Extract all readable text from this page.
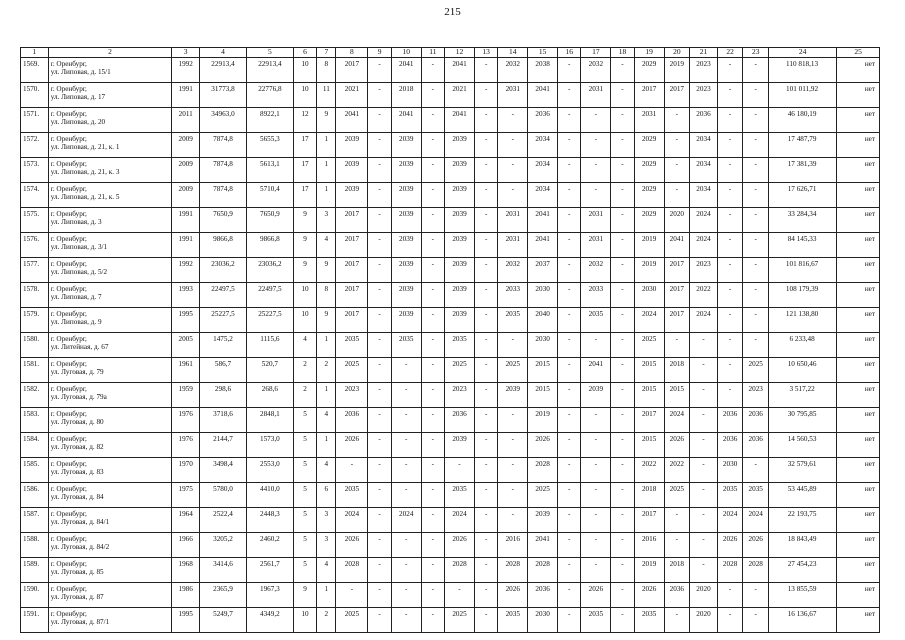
215
1	2	3	4	5	6	7	8	9	10	11	12	13	14	15	16	17	18	19	20	21	22	23	24	25
1569.	г. Оренбург,
ул. Липовая, д. 15/1	1992	22913,4	22913,4	10	8	2017	-	2041	-	2041	-	2032	2038	-	2032	-	2029	2019	2023	-	-	110 818,13	нет
1570.	г. Оренбург,
ул. Липовая, д. 17	1991	31773,8	22776,8	10	11	2021	-	2018	-	2021	-	2031	2041	-	2031	-	2017	2017	2023	-	-	101 011,92	нет
1571.	г. Оренбург,
ул. Липовая, д. 20	2011	34963,0	8922,1	12	9	2041	-	2041	-	2041	-	-	2036	-	-	-	2031	-	2036	-	-	46 180,19	нет
1572.	г. Оренбург,
ул. Липовая, д. 21, к. 1	2009	7874,8	5655,3	17	1	2039	-	2039	-	2039	-	-	2034	-	-	-	2029	-	2034	-	-	17 487,79	нет
1573.	г. Оренбург,
ул. Липовая, д. 21, к. 3	2009	7874,8	5613,1	17	1	2039	-	2039	-	2039	-	-	2034	-	-	-	2029	-	2034	-	-	17 381,39	нет
1574.	г. Оренбург,
ул. Липовая, д. 21, к. 5	2009	7874,8	5710,4	17	1	2039	-	2039	-	2039	-	-	2034	-	-	-	2029	-	2034	-	-	17 626,71	нет
1575.	г. Оренбург,
ул. Липовая, д. 3	1991	7650,9	7650,9	9	3	2017	-	2039	-	2039	-	2031	2041	-	2031	-	2029	2020	2024	-	-	33 284,34	нет
1576.	г. Оренбург,
ул. Липовая, д. 3/1	1991	9866,8	9866,8	9	4	2017	-	2039	-	2039	-	2031	2041	-	2031	-	2019	2041	2024	-	-	84 145,33	нет
1577.	г. Оренбург,
ул. Липовая, д. 5/2	1992	23036,2	23036,2	9	9	2017	-	2039	-	2039	-	2032	2037	-	2032	-	2019	2017	2023	-	-	101 816,67	нет
1578.	г. Оренбург,
ул. Липовая, д. 7	1993	22497,5	22497,5	10	8	2017	-	2039	-	2039	-	2033	2030	-	2033	-	2030	2017	2022	-	-	108 179,39	нет
1579.	г. Оренбург,
ул. Липовая, д. 9	1995	25227,5	25227,5	10	9	2017	-	2039	-	2039	-	2035	2040	-	2035	-	2024	2017	2024	-	-	121 138,80	нет
1580.	г. Оренбург,
ул. Литейная, д. 67	2005	1475,2	1115,6	4	1	2035	-	2035	-	2035	-	-	2030	-	-	-	2025	-	-	-	-	6 233,48	нет
1581.	г. Оренбург,
ул. Луговая, д. 79	1961	586,7	520,7	2	2	2025	-	-	-	2025	-	2025	2015	-	2041	-	2015	2018	-	-	2025	10 650,46	нет
1582.	г. Оренбург,
ул. Луговая, д. 79а	1959	298,6	268,6	2	1	2023	-	-	-	2023	-	2039	2015	-	2039	-	2015	2015	-	-	2023	3 517,22	нет
1583.	г. Оренбург,
ул. Луговая, д. 80	1976	3718,6	2848,1	5	4	2036	-	-	-	2036	-	-	2019	-	-	-	2017	2024	-	2036	2036	30 795,85	нет
1584.	г. Оренбург,
ул. Луговая, д. 82	1976	2144,7	1573,0	5	1	2026	-	-	-	2039	-	-	2026	-	-	-	2015	2026	-	2036	2036	14 560,53	нет
1585.	г. Оренбург,
ул. Луговая, д. 83	1970	3498,4	2553,0	5	4	-	-	-	-	-	-	-	2028	-	-	-	2022	2022	-	2030	-	32 579,61	нет
1586.	г. Оренбург,
ул. Луговая, д. 84	1975	5780,0	4410,0	5	6	2035	-	-	-	2035	-	-	2025	-	-	-	2018	2025	-	2035	2035	53 445,89	нет
1587.	г. Оренбург,
ул. Луговая, д. 84/1	1964	2522,4	2448,3	5	3	2024	-	2024	-	2024	-	-	2039	-	-	-	2017	-	-	2024	2024	22 193,75	нет
1588.	г. Оренбург,
ул. Луговая, д. 84/2	1966	3205,2	2460,2	5	3	2026	-	-	-	2026	-	2016	2041	-	-	-	2016	-	-	2026	2026	18 843,49	нет
1589.	г. Оренбург,
ул. Луговая, д. 85	1968	3414,6	2561,7	5	4	2028	-	-	-	2028	-	2028	2028	-	-	-	2019	2018	-	2028	2028	27 454,23	нет
1590.	г. Оренбург,
ул. Луговая, д. 87	1986	2365,9	1967,3	9	1	-	-	-	-	-	-	2026	2036	-	2026	-	2026	2036	2020	-	-	13 855,59	нет
1591.	г. Оренбург,
ул. Луговая, д. 87/1	1995	5249,7	4349,2	10	2	2025	-	-	-	2025	-	2035	2030	-	2035	-	2035	-	2020	-	-	16 136,67	нет
